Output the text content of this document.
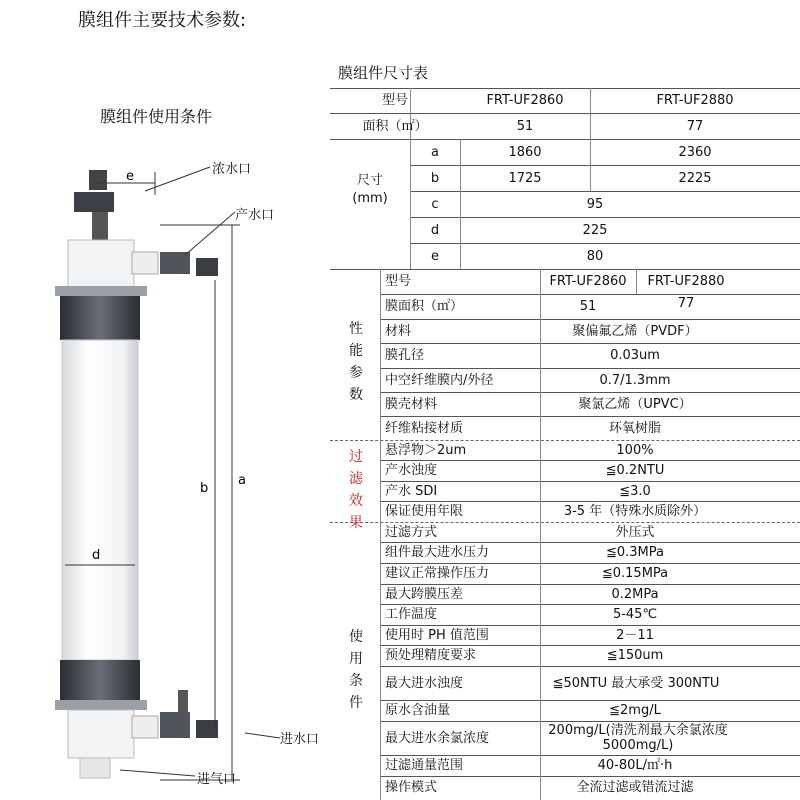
膜组件主要技术参数:
膜组件使用条件
膜组件尺寸表
e
d
b
a
浓水口
产水口
进水口
进气口
型号	FRT-UF2860	FRT-UF2880
面积（㎡）	51	77
尺寸
(mm)
a	1860	2360
b	1725	2225
c	95
d	225
e	80
性
能
参
数
过
滤
效
果
使
用
条
件
型号	FRT-UF2860	FRT-UF2880
膜面积（㎡）	51	77
材料	聚偏氟乙烯（PVDF）
膜孔径	0.03um
中空纤维膜内/外径	0.7/1.3mm
膜壳材料	聚氯乙烯（UPVC）
纤维粘接材质	环氧树脂
悬浮物＞2um	100%
产水浊度	≦0.2NTU
产水 SDI	≦3.0
保证使用年限	3-5 年（特殊水质除外）
过滤方式	外压式
组件最大进水压力	≦0.3MPa
建议正常操作压力	≦0.15MPa
最大跨膜压差	0.2MPa
工作温度	5-45℃
使用时 PH 值范围	2－11
预处理精度要求	≦150um
最大进水浊度	≦50NTU 最大承受 300NTU
原水含油量	≦2mg/L
最大进水余氯浓度	200mg/L(清洗剂最大余氯浓度 5000mg/L)
过滤通量范围	40-80L/㎡·h
操作模式	全流过滤或错流过滤
